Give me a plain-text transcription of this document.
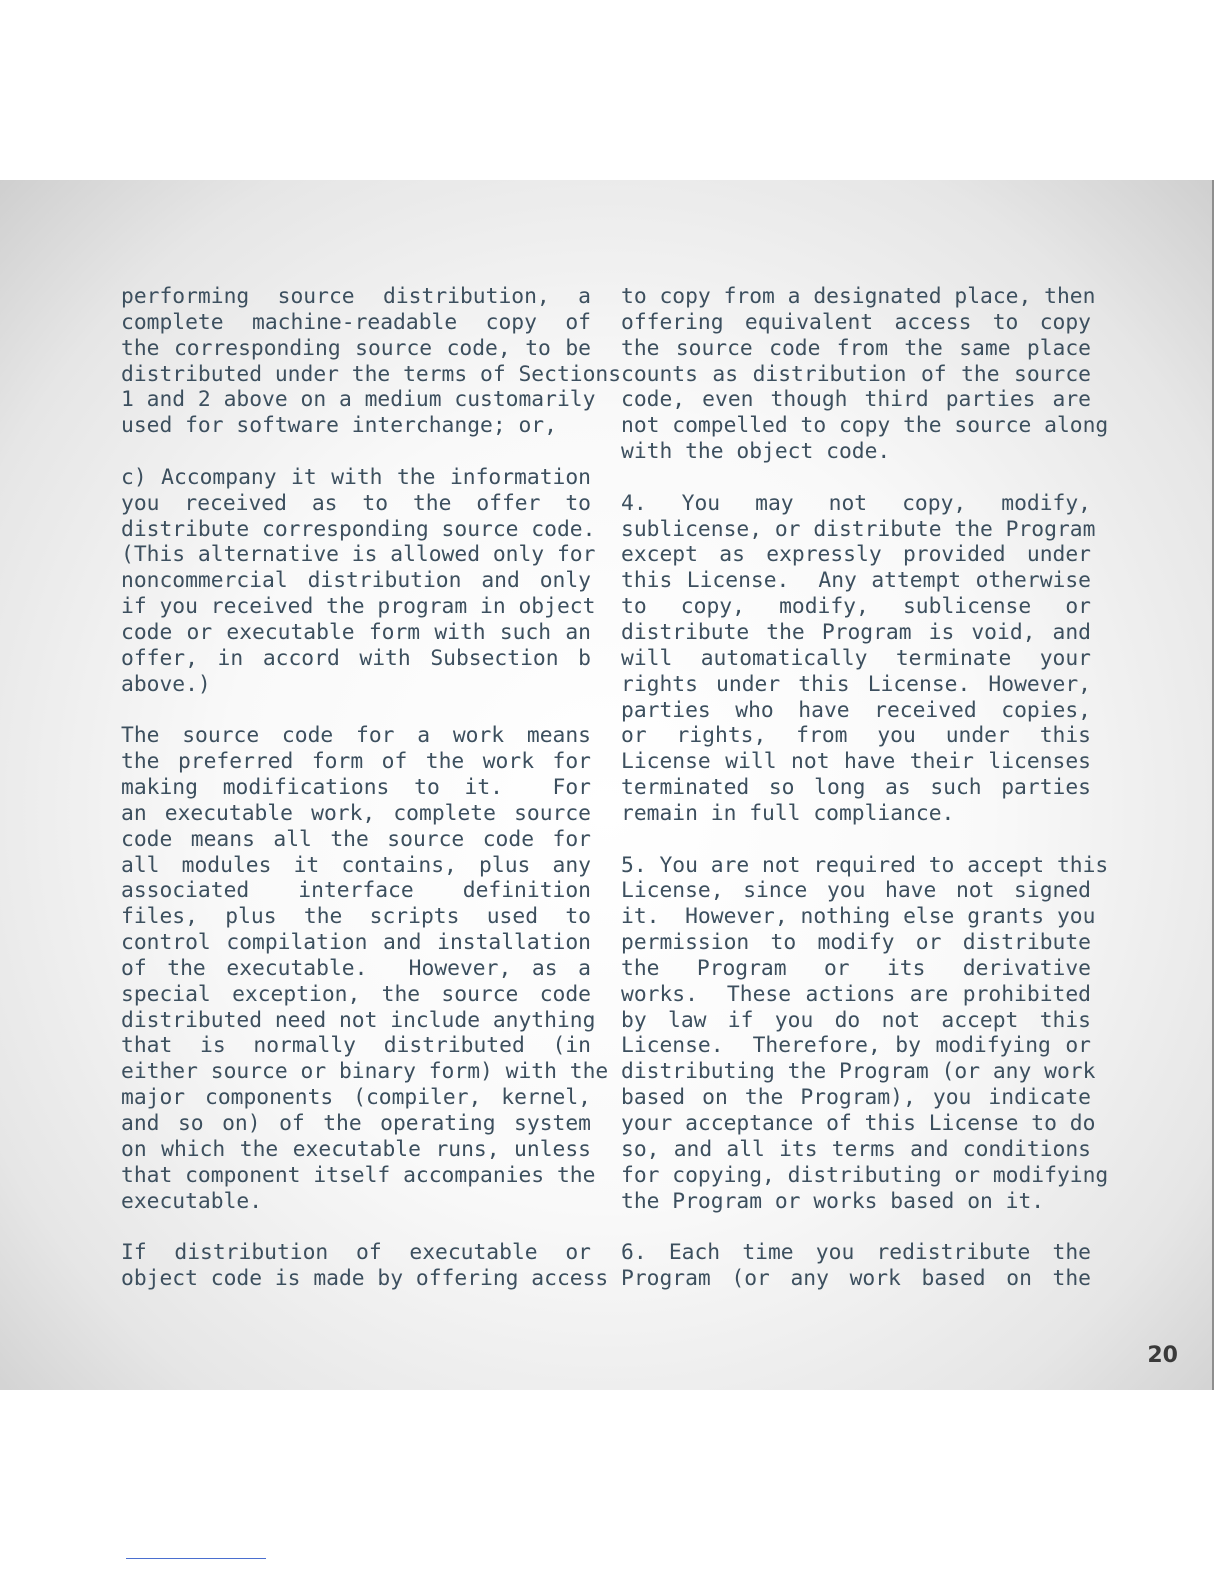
performing source distribution, a
complete machine-readable copy of
the corresponding source code, to be
distributed under the terms of Sections
1 and 2 above on a medium customarily
used for software interchange; or,
c) Accompany it with the information
you received as to the offer to
distribute corresponding source code.
(This alternative is allowed only for
noncommercial distribution and only
if you received the program in object
code or executable form with such an
offer, in accord with Subsection b
above.)
The source code for a work means
the preferred form of the work for
making modifications to it.  For
an executable work, complete source
code means all the source code for
all modules it contains, plus any
associated interface definition
files, plus the scripts used to
control compilation and installation
of the executable.  However, as a
special exception, the source code
distributed need not include anything
that is normally distributed (in
either source or binary form) with the
major components (compiler, kernel,
and so on) of the operating system
on which the executable runs, unless
that component itself accompanies the
executable.
If distribution of executable or
object code is made by offering access
to copy from a designated place, then
offering equivalent access to copy
the source code from the same place
counts as distribution of the source
code, even though third parties are
not compelled to copy the source along
with the object code.
4. You may not copy, modify,
sublicense, or distribute the Program
except as expressly provided under
this License.  Any attempt otherwise
to copy, modify, sublicense or
distribute the Program is void, and
will automatically terminate your
rights under this License. However,
parties who have received copies,
or rights, from you under this
License will not have their licenses
terminated so long as such parties
remain in full compliance.
5. You are not required to accept this
License, since you have not signed
it.  However, nothing else grants you
permission to modify or distribute
the Program or its derivative
works.  These actions are prohibited
by law if you do not accept this
License.  Therefore, by modifying or
distributing the Program (or any work
based on the Program), you indicate
your acceptance of this License to do
so, and all its terms and conditions
for copying, distributing or modifying
the Program or works based on it.
6. Each time you redistribute the
Program (or any work based on the
20
